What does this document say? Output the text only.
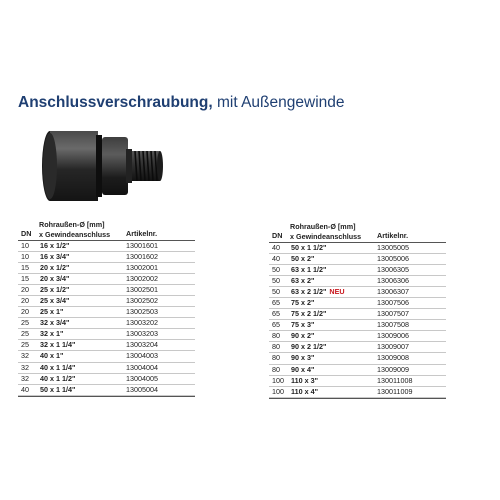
Anschlussverschraubung, mit Außengewinde
DN
Rohraußen-Ø [mm]
x Gewindeanschluss Artikelnr.
10 16 x 1/2"	13001601
10 16 x 3/4"	13001602
15 20 x 1/2"	13002001
15 20 x 3/4"	13002002
20 25 x 1/2"	13002501
20 25 x 3/4"	13002502
20 25 x 1"	13002503
25 32 x 3/4"	13003202
25 32 x 1"	13003203
25 32 x 1 1/4"	13003204
32 40 x 1"	13004003
32 40 x 1 1/4"	13004004
32 40 x 1 1/2"	13004005
40 50 x 1 1/4"	13005004
DN
Rohraußen-Ø [mm]
x Gewindeanschluss Artikelnr.
40 50 x 1 1/2"	13005005
40 50 x 2"	13005006
50 63 x 1 1/2"	13006305
50 63 x 2"	13006306
50 63 x 2 1/2" NEU	13006307
65 75 x 2"	13007506
65 75 x 2 1/2"	13007507
65 75 x 3"	13007508
80 90 x 2"	13009006
80 90 x 2 1/2"	13009007
80 90 x 3"	13009008
80 90 x 4"	13009009
100 110 x 3"	130011008
100 110 x 4"	130011009
